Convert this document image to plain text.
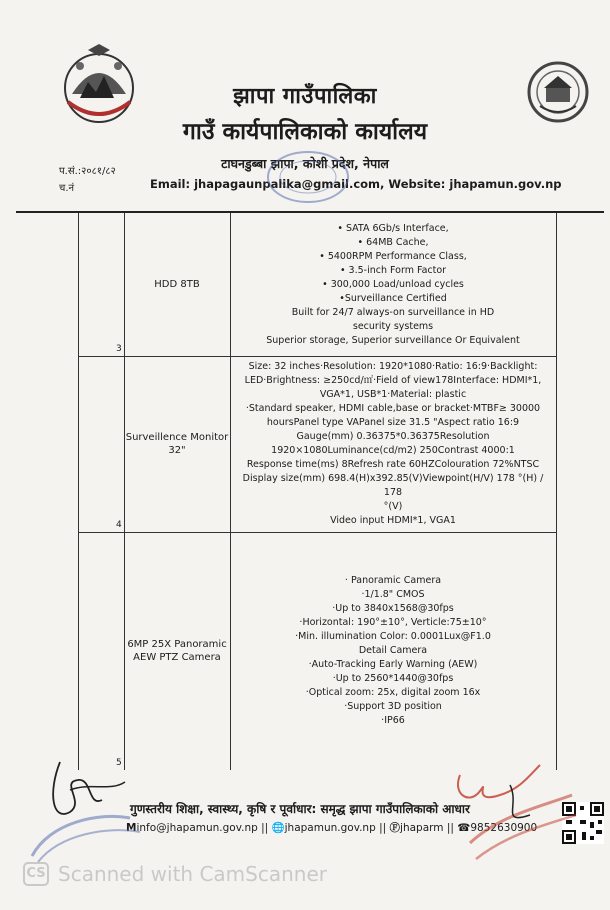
झापा गाउँपालिका
गाउँ कार्यपालिकाको कार्यालय
टाघनडुब्बा झापा, कोशी प्रदेश, नेपाल
Email: jhapagaunpalika@gmail.com, Website: jhapamun.gov.np
प.सं.:२०८१/८२
च.नं
3
HDD 8TB
• SATA 6Gb/s Interface,
• 64MB Cache,
• 5400RPM Performance Class,
• 3.5-inch Form Factor
• 300,000 Load/unload cycles
•Surveillance Certified
Built for 24/7 always-on surveillance in HD
security systems
Superior storage, Superior surveillance Or Equivalent
4
Surveillence Monitor 32"
Size: 32 inches·Resolution: 1920*1080·Ratio: 16:9·Backlight:
LED·Brightness: ≥250cd/㎡·Field of view178Interface: HDMI*1,
VGA*1, USB*1·Material: plastic
·Standard speaker, HDMI cable,base or bracket·MTBF≥ 30000
hoursPanel type VAPanel size 31.5 "Aspect ratio 16:9
Gauge(mm) 0.36375*0.36375Resolution
1920×1080Luminance(cd/m2) 250Contrast 4000:1
Response time(ms) 8Refresh rate 60HZColouration 72%NTSC
Display size(mm) 698.4(H)x392.85(V)Viewpoint(H/V) 178 °(H) / 178
°(V)
Video input HDMI*1, VGA1
5
6MP 25X Panoramic AEW PTZ Camera
· Panoramic Camera
·1/1.8" CMOS
·Up to 3840x1568@30fps
·Horizontal: 190°±10°, Verticle:75±10°
·Min. illumination Color: 0.0001Lux@F1.0
Detail Camera
·Auto-Tracking Early Warning (AEW)
·Up to 2560*1440@30fps
·Optical zoom: 25x, digital zoom 16x
·Support 3D position
·IP66
गुणस्तरीय शिक्षा, स्वास्थ्य, कृषि र पूर्वाधार: समृद्ध झापा गाउँपालिकाको आधार
Minfo@jhapamun.gov.np || 🌐jhapamun.gov.np || Ⓕjhaparm || ☎9852630900
CS Scanned with CamScanner
